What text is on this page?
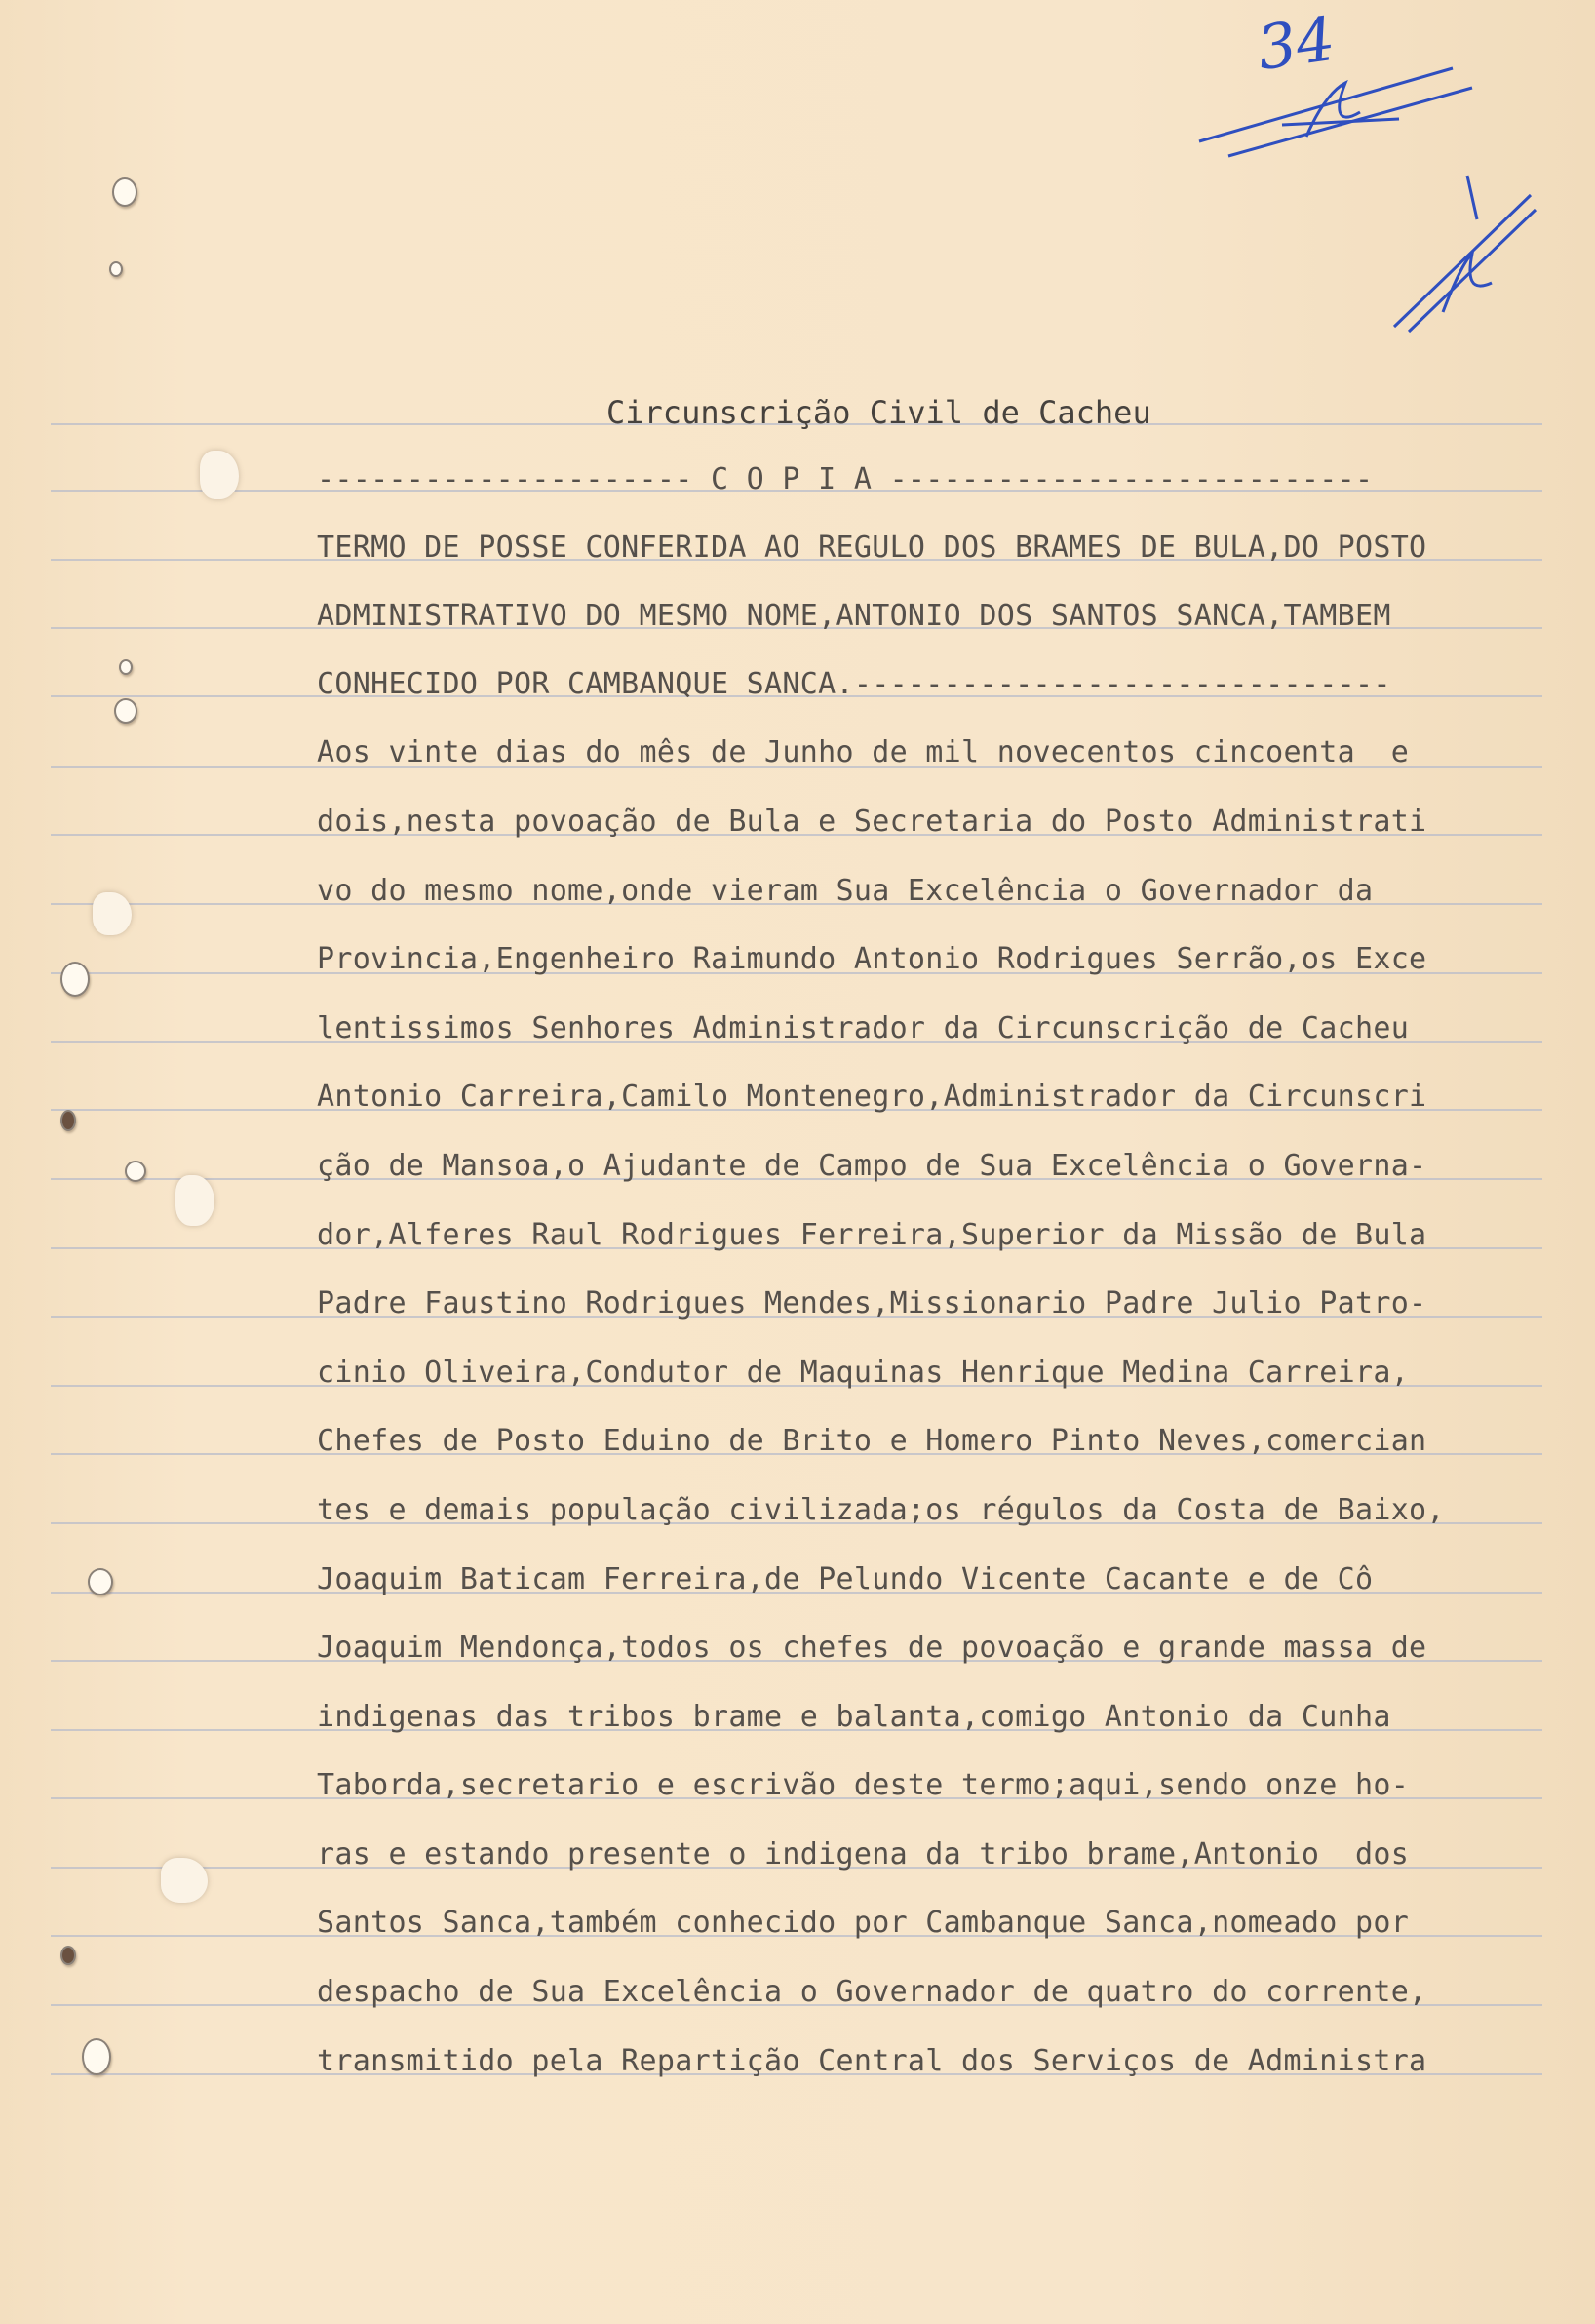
34
Circunscrição Civil de Cacheu
--------------------- C O P I A ---------------------------
TERMO DE POSSE CONFERIDA AO REGULO DOS BRAMES DE BULA,DO POSTO
ADMINISTRATIVO DO MESMO NOME,ANTONIO DOS SANTOS SANCA,TAMBEM
CONHECIDO POR CAMBANQUE SANCA.------------------------------
Aos vinte dias do mês de Junho de mil novecentos cincoenta  e
dois,nesta povoação de Bula e Secretaria do Posto Administrati
vo do mesmo nome,onde vieram Sua Excelência o Governador da
Provincia,Engenheiro Raimundo Antonio Rodrigues Serrão,os Exce
lentissimos Senhores Administrador da Circunscrição de Cacheu
Antonio Carreira,Camilo Montenegro,Administrador da Circunscri
ção de Mansoa,o Ajudante de Campo de Sua Excelência o Governa-
dor,Alferes Raul Rodrigues Ferreira,Superior da Missão de Bula
Padre Faustino Rodrigues Mendes,Missionario Padre Julio Patro-
cinio Oliveira,Condutor de Maquinas Henrique Medina Carreira,
Chefes de Posto Eduino de Brito e Homero Pinto Neves,comercian
tes e demais população civilizada;os régulos da Costa de Baixo,
Joaquim Baticam Ferreira,de Pelundo Vicente Cacante e de Cô
Joaquim Mendonça,todos os chefes de povoação e grande massa de
indigenas das tribos brame e balanta,comigo Antonio da Cunha
Taborda,secretario e escrivão deste termo;aqui,sendo onze ho-
ras e estando presente o indigena da tribo brame,Antonio  dos
Santos Sanca,também conhecido por Cambanque Sanca,nomeado por
despacho de Sua Excelência o Governador de quatro do corrente,
transmitido pela Repartição Central dos Serviços de Administra
